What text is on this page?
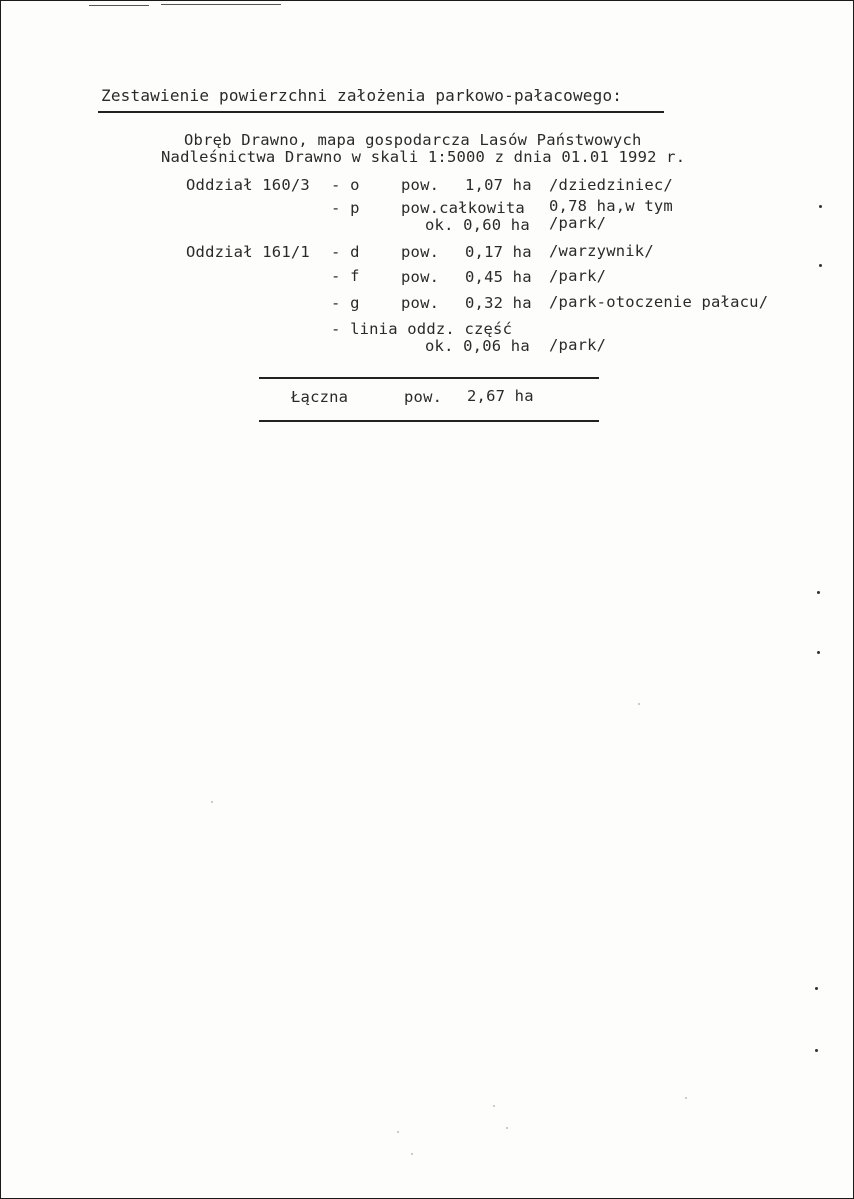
Zestawienie powierzchni założenia parkowo-pałacowego:
Obręb Drawno, mapa gospodarcza Lasów Państwowych
Nadleśnictwa Drawno w skali 1:5000 z dnia 01.01 1992 r.
Oddział 160/3 - o	pow. 1,07 ha /dziedziniec/
- p	pow.całkowita 0,78 ha,w tym
ok. 0,60 ha /park/
Oddział 161/1 - d	pow. 0,17 ha /warzywnik/
- f	pow. 0,45 ha /park/
- g	pow. 0,32 ha /park-otoczenie pałacu/
- linia oddz. część
ok. 0,06 ha /park/
Łączna	pow. 2,67 ha
